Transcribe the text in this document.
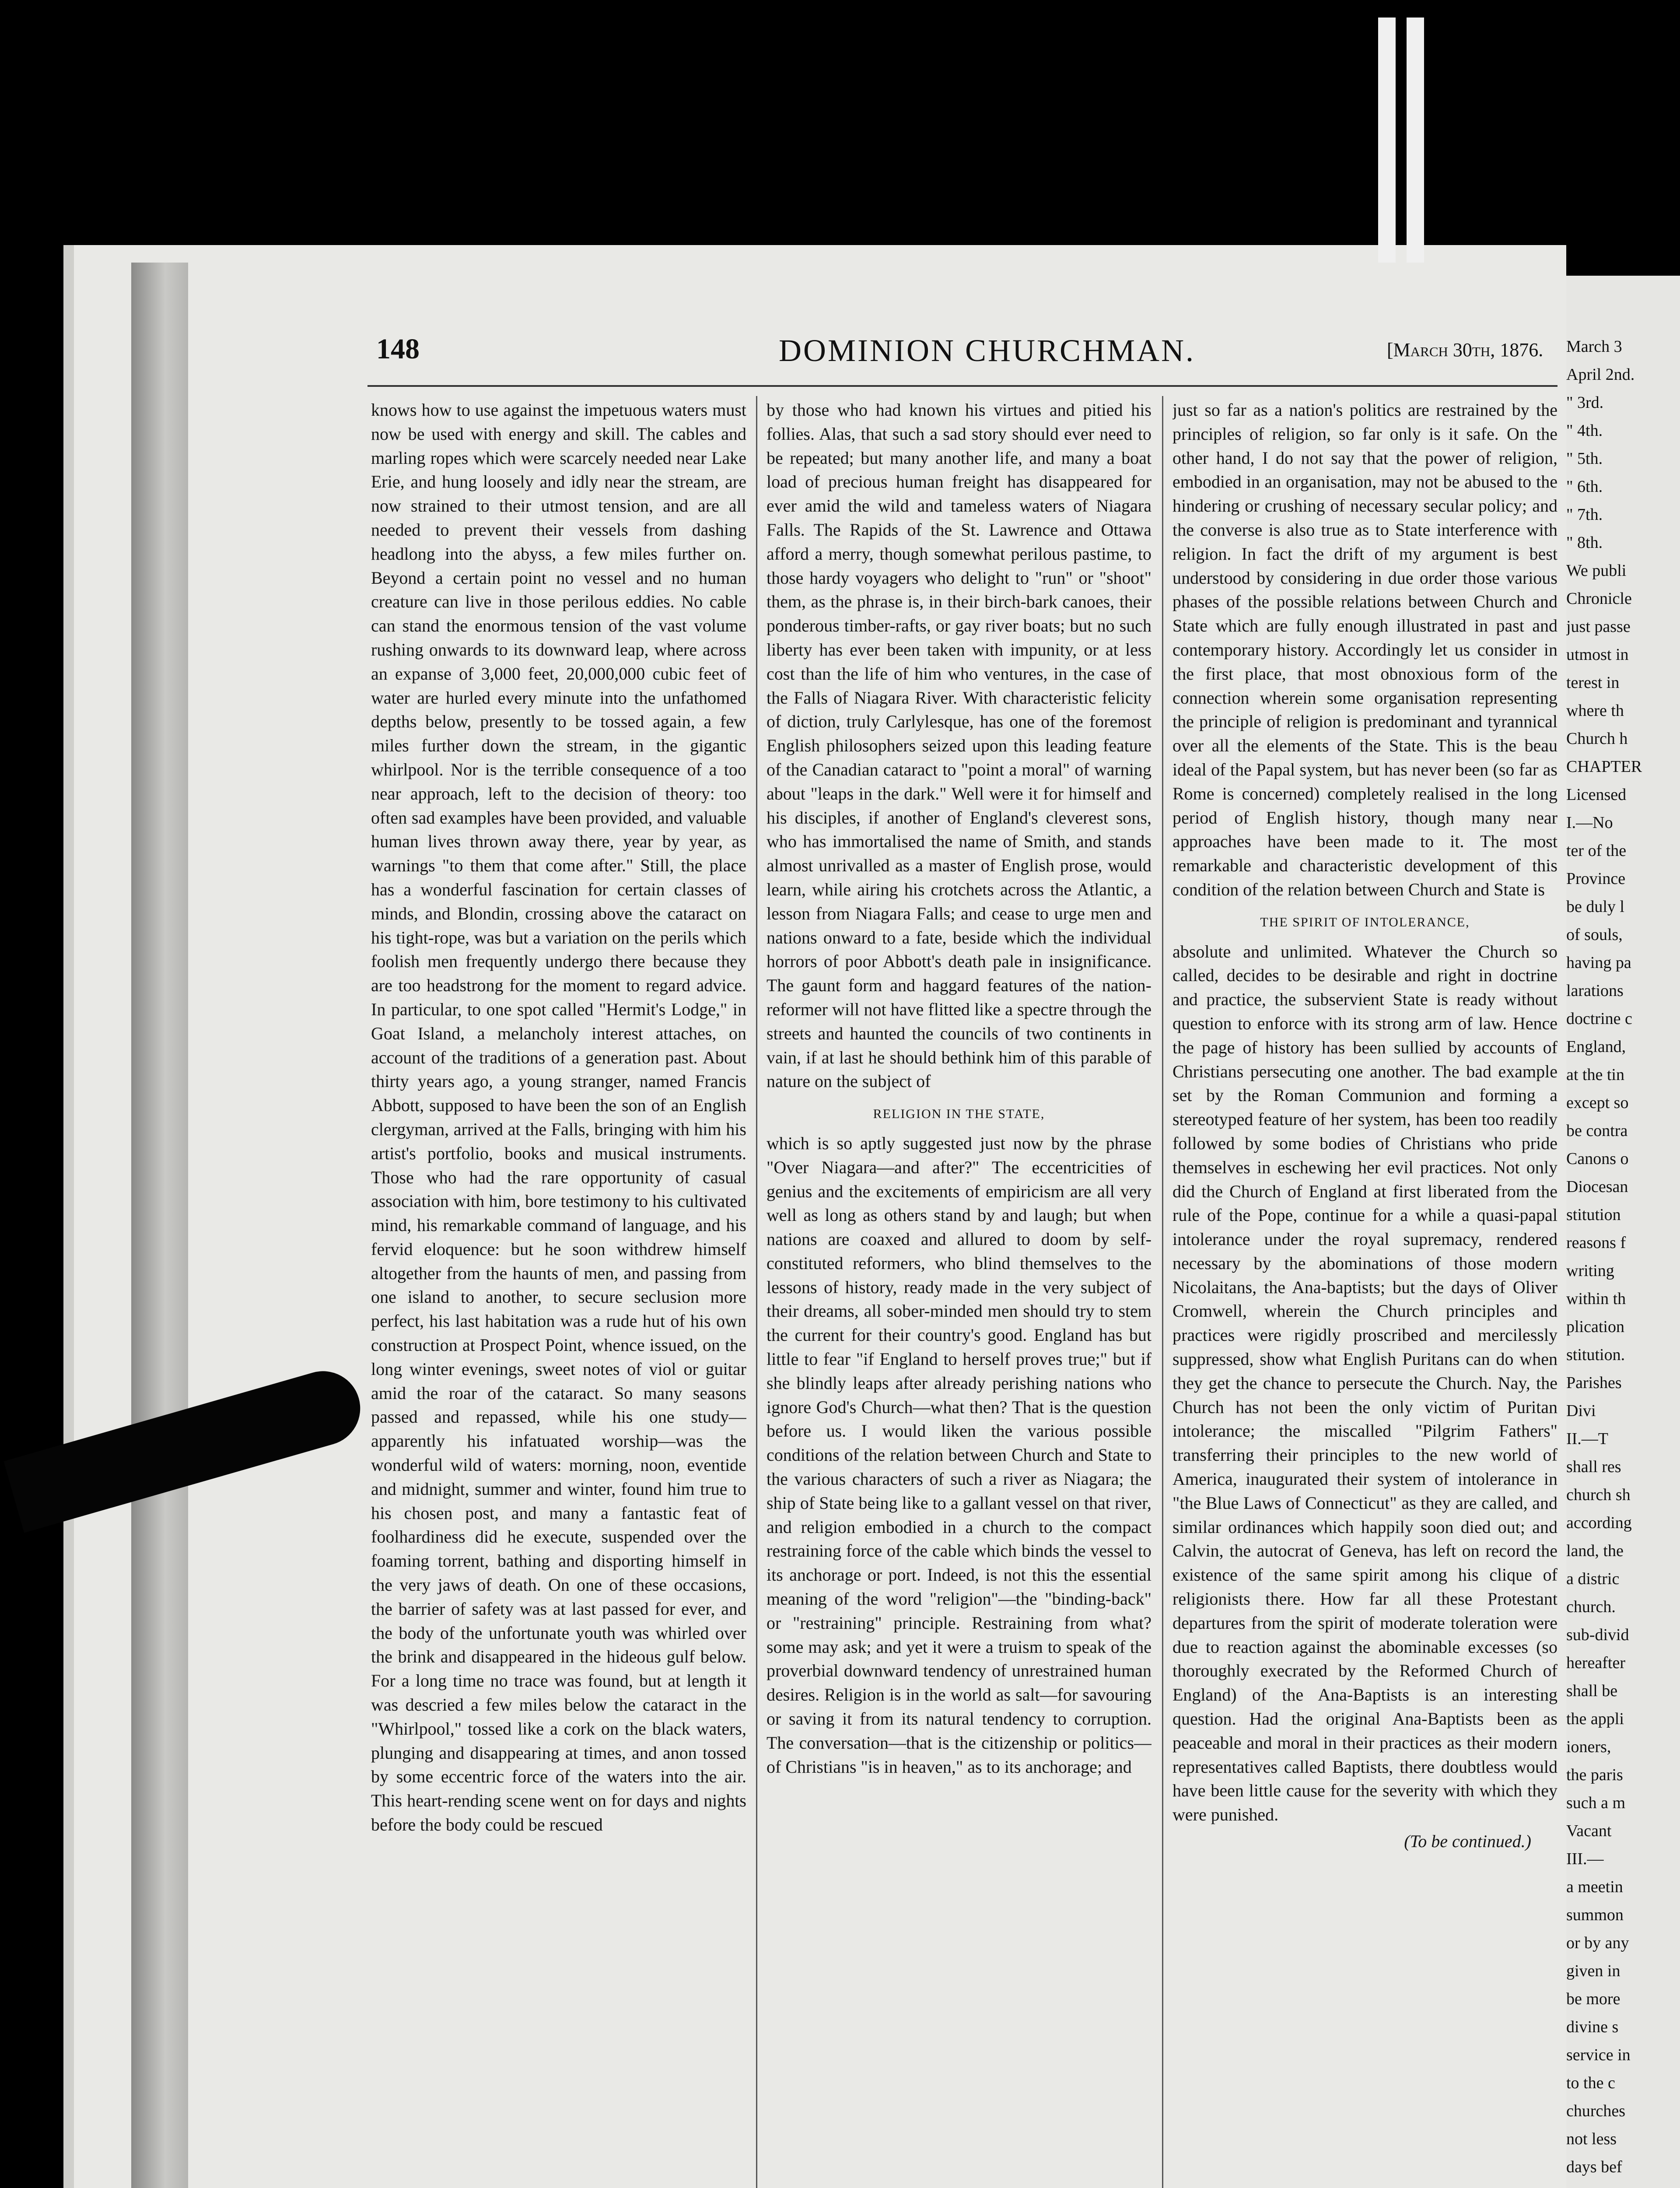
148	DOMINION CHURCHMAN.	[March 30th, 1876.

knows how to use against the impetuous waters must now be used with energy and skill. The cables and marling ropes which were scarcely needed near Lake Erie, and hung loosely and idly near the stream, are now strained to their utmost tension, and are all needed to prevent their vessels from dashing headlong into the abyss, a few miles further on. Beyond a certain point no vessel and no human creature can live in those perilous eddies. No cable can stand the enormous tension of the vast volume rushing onwards to its downward leap, where across an expanse of 3,000 feet, 20,000,000 cubic feet of water are hurled every minute into the unfathomed depths below, presently to be tossed again, a few miles further down the stream, in the gigantic whirlpool. Nor is the terrible consequence of a too near approach, left to the decision of theory: too often sad examples have been provided, and valuable human lives thrown away there, year by year, as warnings "to them that come after." Still, the place has a wonderful fascination for certain classes of minds, and Blondin, crossing above the cataract on his tight-rope, was but a variation on the perils which foolish men frequently undergo there because they are too headstrong for the moment to regard advice. In particular, to one spot called "Hermit's Lodge," in Goat Island, a melancholy interest attaches, on account of the traditions of a generation past. About thirty years ago, a young stranger, named Francis Abbott, supposed to have been the son of an English clergyman, arrived at the Falls, bringing with him his artist's portfolio, books and musical instruments. Those who had the rare opportunity of casual association with him, bore testimony to his cultivated mind, his remarkable command of language, and his fervid eloquence: but he soon withdrew himself altogether from the haunts of men, and passing from one island to another, to secure seclusion more perfect, his last habitation was a rude hut of his own construction at Prospect Point, whence issued, on the long winter evenings, sweet notes of viol or guitar amid the roar of the cataract. So many seasons passed and repassed, while his one study—apparently his infatuated worship—was the wonderful wild of waters: morning, noon, eventide and midnight, summer and winter, found him true to his chosen post, and many a fantastic feat of foolhardiness did he execute, suspended over the foaming torrent, bathing and disporting himself in the very jaws of death. On one of these occasions, the barrier of safety was at last passed for ever, and the body of the unfortunate youth was whirled over the brink and disappeared in the hideous gulf below. For a long time no trace was found, but at length it was descried a few miles below the cataract in the "Whirlpool," tossed like a cork on the black waters, plunging and disappearing at times, and anon tossed by some eccentric force of the waters into the air. This heart-rending scene went on for days and nights before the body could be rescued

by those who had known his virtues and pitied his follies. Alas, that such a sad story should ever need to be repeated; but many another life, and many a boat load of precious human freight has disappeared for ever amid the wild and tameless waters of Niagara Falls. The Rapids of the St. Lawrence and Ottawa afford a merry, though somewhat perilous pastime, to those hardy voyagers who delight to "run" or "shoot" them, as the phrase is, in their birch-bark canoes, their ponderous timber-rafts, or gay river boats; but no such liberty has ever been taken with impunity, or at less cost than the life of him who ventures, in the case of the Falls of Niagara River. With characteristic felicity of diction, truly Carlylesque, has one of the foremost English philosophers seized upon this leading feature of the Canadian cataract to "point a moral" of warning about "leaps in the dark." Well were it for himself and his disciples, if another of England's cleverest sons, who has immortalised the name of Smith, and stands almost unrivalled as a master of English prose, would learn, while airing his crotchets across the Atlantic, a lesson from Niagara Falls; and cease to urge men and nations onward to a fate, beside which the individual horrors of poor Abbott's death pale in insignificance. The gaunt form and haggard features of the nation-reformer will not have flitted like a spectre through the streets and haunted the councils of two continents in vain, if at last he should bethink him of this parable of nature on the subject of

RELIGION IN THE STATE,

which is so aptly suggested just now by the phrase "Over Niagara—and after?" The eccentricities of genius and the excitements of empiricism are all very well as long as others stand by and laugh; but when nations are coaxed and allured to doom by self-constituted reformers, who blind themselves to the lessons of history, ready made in the very subject of their dreams, all sober-minded men should try to stem the current for their country's good. England has but little to fear "if England to herself proves true;" but if she blindly leaps after already perishing nations who ignore God's Church—what then? That is the question before us. I would liken the various possible conditions of the relation between Church and State to the various characters of such a river as Niagara; the ship of State being like to a gallant vessel on that river, and religion embodied in a church to the compact restraining force of the cable which binds the vessel to its anchorage or port. Indeed, is not this the essential meaning of the word "religion"—the "binding-back" or "restraining" principle. Restraining from what? some may ask; and yet it were a truism to speak of the proverbial downward tendency of unrestrained human desires. Religion is in the world as salt—for savouring or saving it from its natural tendency to corruption. The conversation—that is the citizenship or politics—of Christians "is in heaven," as to its anchorage; and

just so far as a nation's politics are restrained by the principles of religion, so far only is it safe. On the other hand, I do not say that the power of religion, embodied in an organisation, may not be abused to the hindering or crushing of necessary secular policy; and the converse is also true as to State interference with religion. In fact the drift of my argument is best understood by considering in due order those various phases of the possible relations between Church and State which are fully enough illustrated in past and contemporary history. Accordingly let us consider in the first place, that most obnoxious form of the connection wherein some organisation representing the principle of religion is predominant and tyrannical over all the elements of the State. This is the beau ideal of the Papal system, but has never been (so far as Rome is concerned) completely realised in the long period of English history, though many near approaches have been made to it. The most remarkable and characteristic development of this condition of the relation between Church and State is

THE SPIRIT OF INTOLERANCE,

absolute and unlimited. Whatever the Church so called, decides to be desirable and right in doctrine and practice, the subservient State is ready without question to enforce with its strong arm of law. Hence the page of history has been sullied by accounts of Christians persecuting one another. The bad example set by the Roman Communion and forming a stereotyped feature of her system, has been too readily followed by some bodies of Christians who pride themselves in eschewing her evil practices. Not only did the Church of England at first liberated from the rule of the Pope, continue for a while a quasi-papal intolerance under the royal supremacy, rendered necessary by the abominations of those modern Nicolaitans, the Ana-baptists; but the days of Oliver Cromwell, wherein the Church principles and practices were rigidly proscribed and mercilessly suppressed, show what English Puritans can do when they get the chance to persecute the Church. Nay, the Church has not been the only victim of Puritan intolerance; the miscalled "Pilgrim Fathers" transferring their principles to the new world of America, inaugurated their system of intolerance in "the Blue Laws of Connecticut" as they are called, and similar ordinances which happily soon died out; and Calvin, the autocrat of Geneva, has left on record the existence of the same spirit among his clique of religionists there. How far all these Protestant departures from the spirit of moderate toleration were due to reaction against the abominable excesses (so thoroughly execrated by the Reformed Church of England) of the Ana-Baptists is an interesting question. Had the original Ana-Baptists been as peaceable and moral in their practices as their modern representatives called Baptists, there doubtless would have been little cause for the severity with which they were punished.

(To be continued.)
March 3
April 2nd.
" 3rd.
" 4th.
" 5th.
" 6th.
" 7th.
" 8th.
We publi
Chronicle
just passe
utmost in
terest in
where th
Church h
CHAPTER
Licensed
I.—No
ter of the
Province
be duly l
of souls,
having pa
larations
doctrine c
England,
at the tin
except so
be contra
Canons o
Diocesan
stitution
reasons f
writing
within th
plication
stitution.
Parishes
Divi
II.—T
shall res
church sh
according
land, the
a distric
church.
sub-divid
hereafter
shall be
the appli
ioners,
the paris
such a m
Vacant
III.—
a meetin
summon
or by any
given in
be more
divine s
service in
to the c
churches
not less
days bef
